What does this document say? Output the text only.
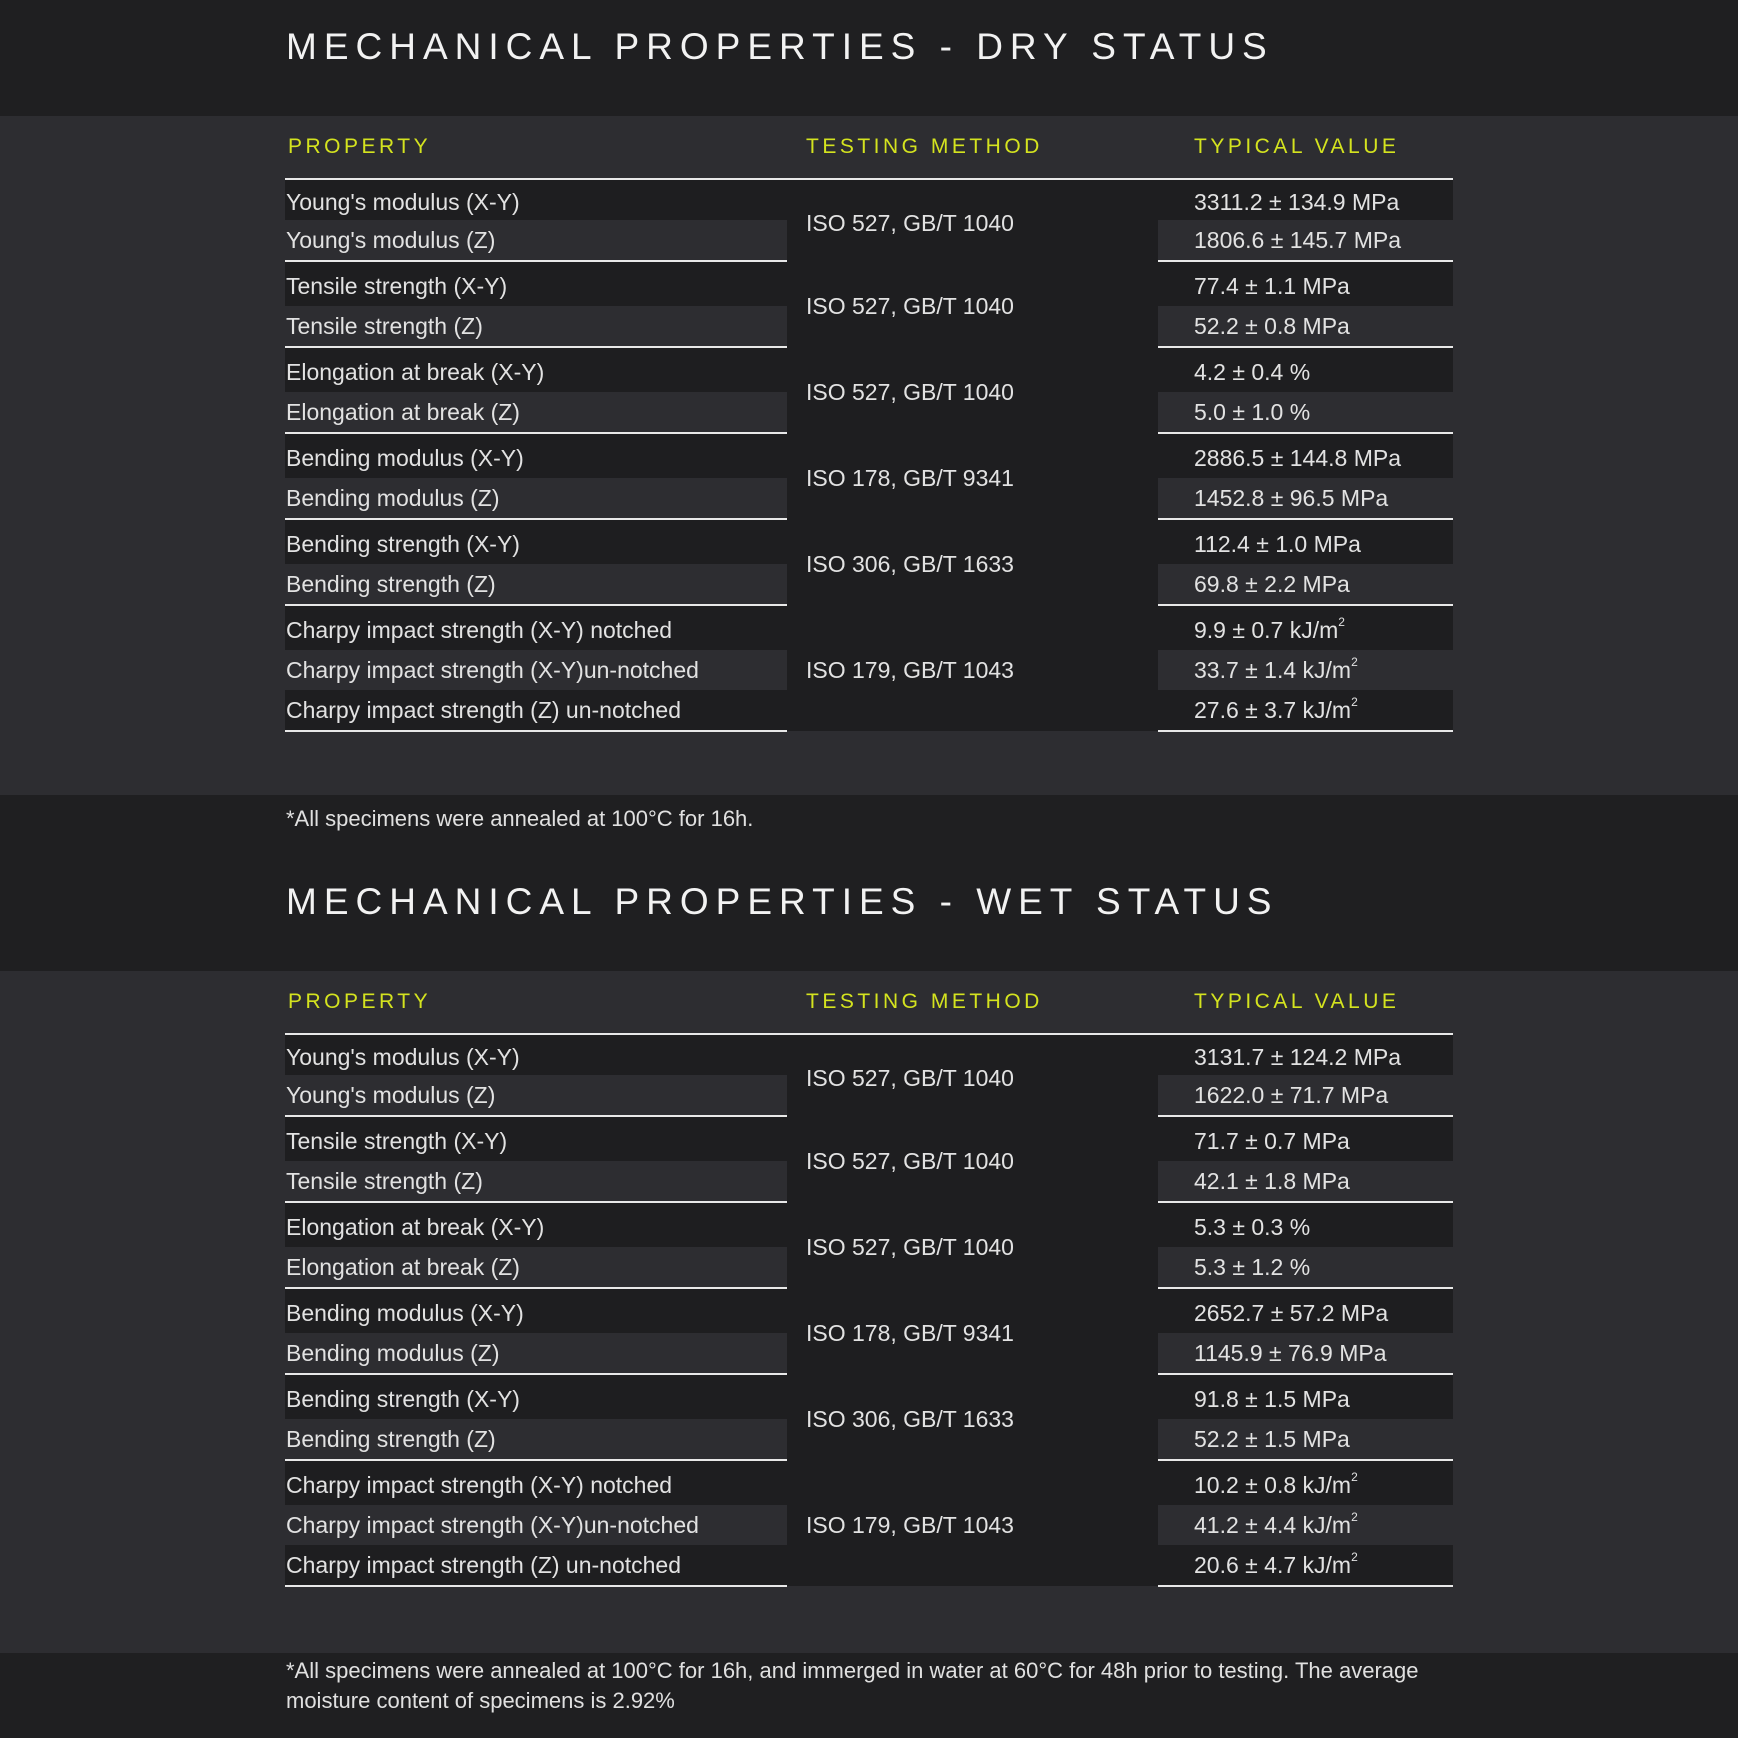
MECHANICAL PROPERTIES - DRY STATUS
PROPERTY	TESTING METHOD	TYPICAL VALUE
Young's modulus (X-Y)	ISO 527, GB/T 1040	3311.2 ± 134.9 MPa
Young's modulus (Z)		1806.6 ± 145.7 MPa
Tensile strength (X-Y)	ISO 527, GB/T 1040	77.4 ± 1.1 MPa
Tensile strength (Z)		52.2 ± 0.8 MPa
Elongation at break (X-Y)	ISO 527, GB/T 1040	4.2 ± 0.4 %
Elongation at break (Z)		5.0 ± 1.0 %
Bending modulus (X-Y)	ISO 178, GB/T 9341	2886.5 ± 144.8 MPa
Bending modulus (Z)		1452.8 ± 96.5 MPa
Bending strength (X-Y)	ISO 306, GB/T 1633	112.4 ± 1.0 MPa
Bending strength (Z)		69.8 ± 2.2 MPa
Charpy impact strength (X-Y) notched	ISO 179, GB/T 1043	9.9 ± 0.7 $kJ/m^2$
Charpy impact strength (X-Y)un-notched		33.7 ± 1.4 $kJ/m^2$
Charpy impact strength (Z) un-notched		27.6 ± 3.7 $kJ/m^2$

*All specimens were annealed at 100°C for 16h.

MECHANICAL PROPERTIES - WET STATUS
PROPERTY	TESTING METHOD	TYPICAL VALUE
Young's modulus (X-Y)	ISO 527, GB/T 1040	3131.7 ± 124.2 MPa
Young's modulus (Z)		1622.0 ± 71.7 MPa
Tensile strength (X-Y)	ISO 527, GB/T 1040	71.7 ± 0.7 MPa
Tensile strength (Z)		42.1 ± 1.8 MPa
Elongation at break (X-Y)	ISO 527, GB/T 1040	5.3 ± 0.3 %
Elongation at break (Z)		5.3 ± 1.2 %
Bending modulus (X-Y)	ISO 178, GB/T 9341	2652.7 ± 57.2 MPa
Bending modulus (Z)		1145.9 ± 76.9 MPa
Bending strength (X-Y)	ISO 306, GB/T 1633	91.8 ± 1.5 MPa
Bending strength (Z)		52.2 ± 1.5 MPa
Charpy impact strength (X-Y) notched	ISO 179, GB/T 1043	10.2 ± 0.8 $kJ/m^2$
Charpy impact strength (X-Y)un-notched		41.2 ± 4.4 $kJ/m^2$
Charpy impact strength (Z) un-notched		20.6 ± 4.7 $kJ/m^2$

*All specimens were annealed at 100°C for 16h, and immerged in water at 60°C for 48h prior to testing. The average moisture content of specimens is 2.92%
